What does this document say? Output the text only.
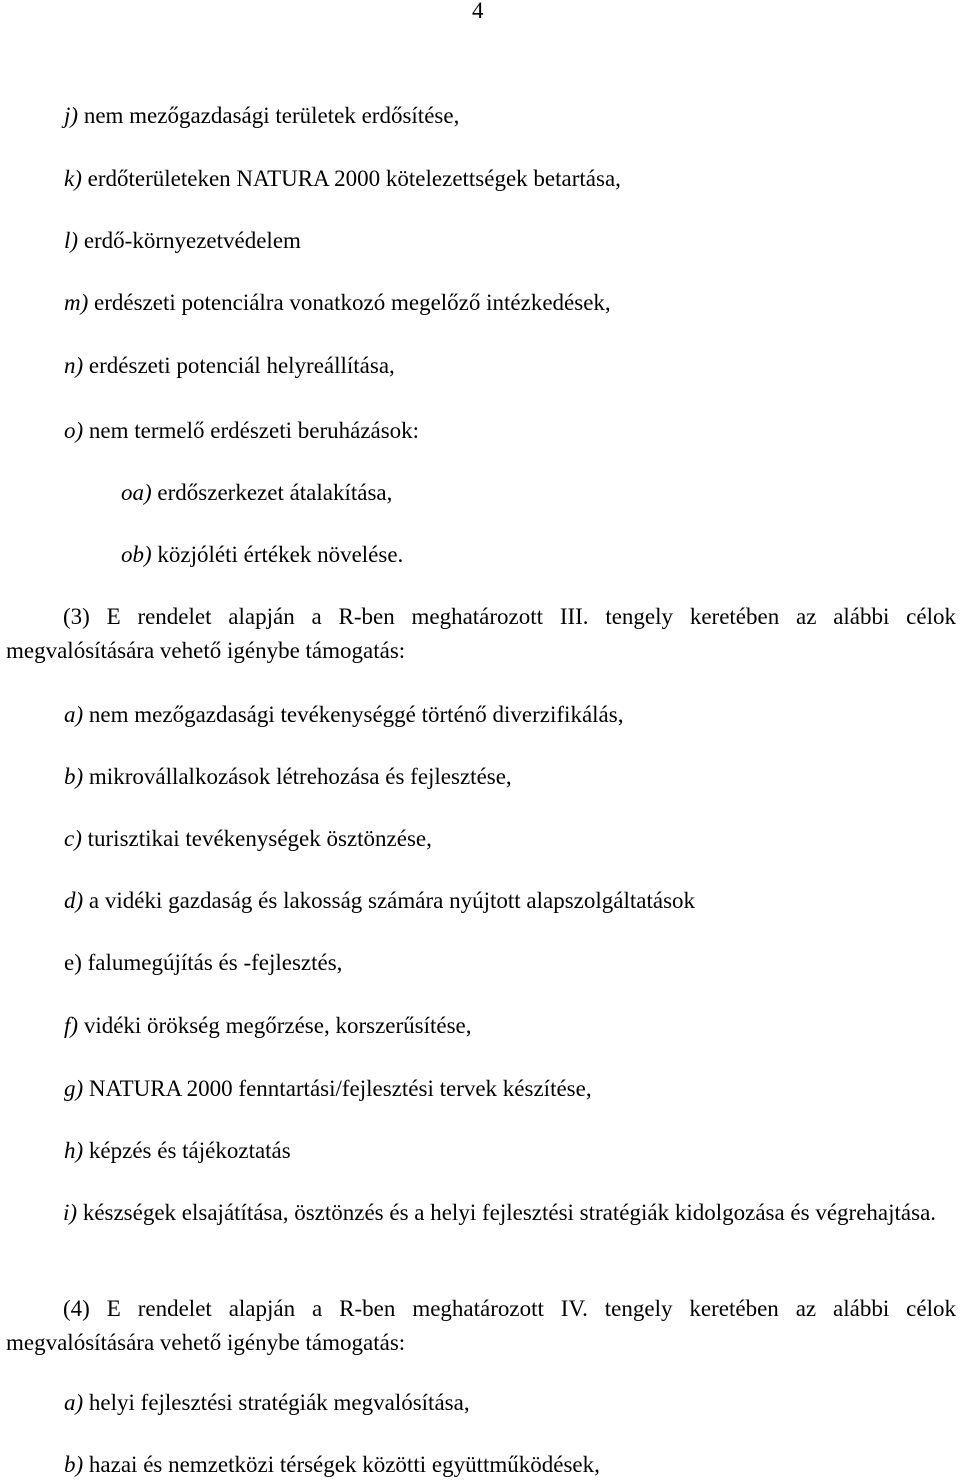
4
j) nem mezőgazdasági területek erdősítése,
k) erdőterületeken NATURA 2000 kötelezettségek betartása,
l) erdő-környezetvédelem
m) erdészeti potenciálra vonatkozó megelőző intézkedések,
n) erdészeti potenciál helyreállítása,
o) nem termelő erdészeti beruházások:
oa) erdőszerkezet átalakítása,
ob) közjóléti értékek növelése.
(3) E rendelet alapján a R-ben meghatározott III. tengely keretében az alábbi célok megvalósítására vehető igénybe támogatás:
a) nem mezőgazdasági tevékenységgé történő diverzifikálás,
b) mikrovállalkozások létrehozása és fejlesztése,
c) turisztikai tevékenységek ösztönzése,
d) a vidéki gazdaság és lakosság számára nyújtott alapszolgáltatások
e) falumegújítás és -fejlesztés,
f) vidéki örökség megőrzése, korszerűsítése,
g) NATURA 2000 fenntartási/fejlesztési tervek készítése,
h) képzés és tájékoztatás
i) készségek elsajátítása, ösztönzés és a helyi fejlesztési stratégiák kidolgozása és végrehajtása.
(4) E rendelet alapján a R-ben meghatározott IV. tengely keretében az alábbi célok megvalósítására vehető igénybe támogatás:
a) helyi fejlesztési stratégiák megvalósítása,
b) hazai és nemzetközi térségek közötti együttműködések,
